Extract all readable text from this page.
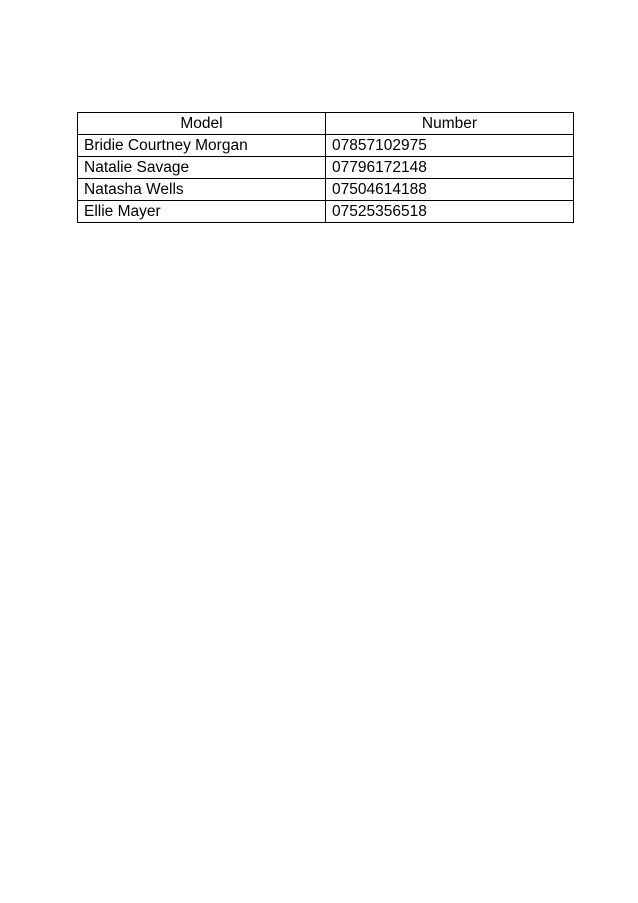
Model	Number
Bridie Courtney Morgan	07857102975
Natalie Savage	07796172148
Natasha Wells	07504614188
Ellie Mayer	07525356518
